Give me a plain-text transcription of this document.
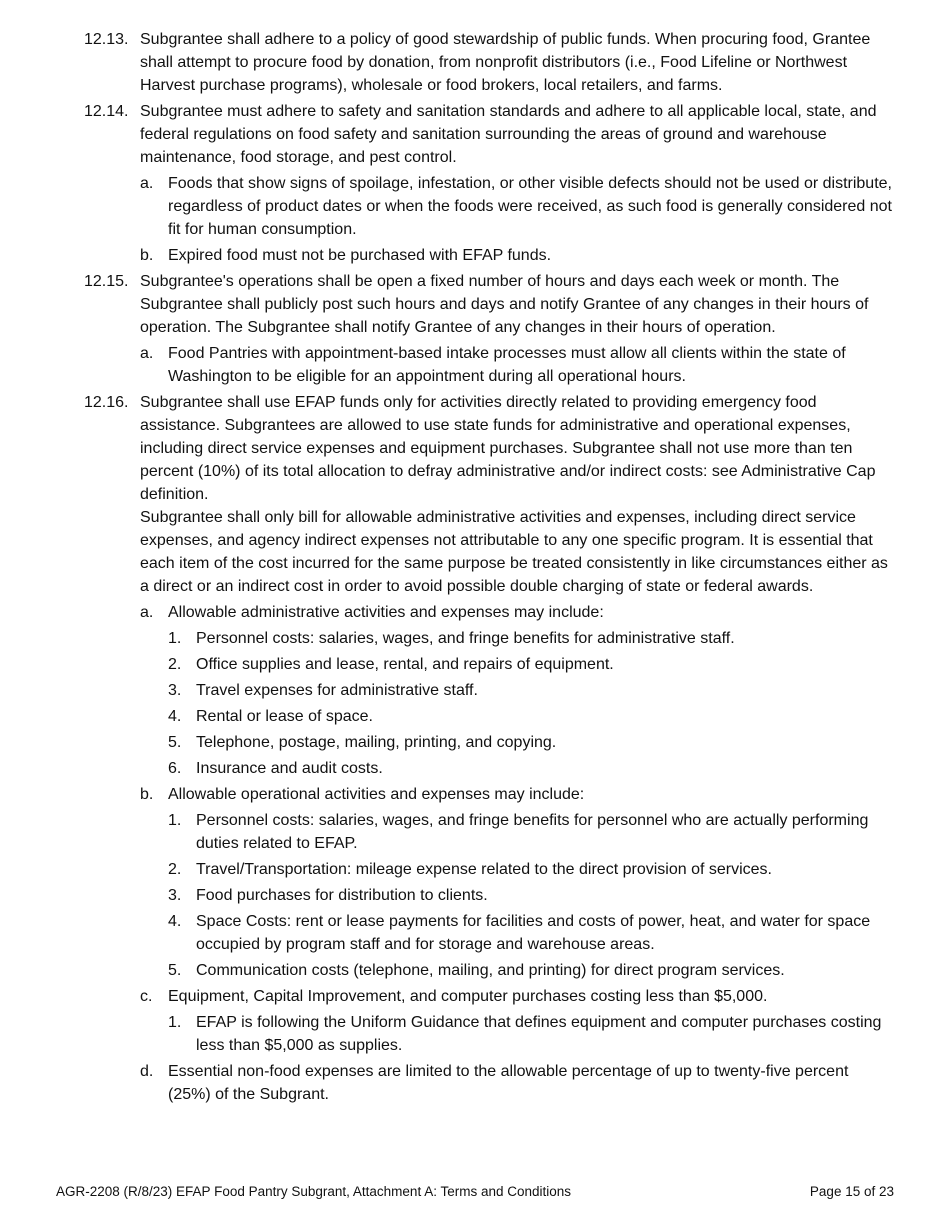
12.13. Subgrantee shall adhere to a policy of good stewardship of public funds. When procuring food, Grantee shall attempt to procure food by donation, from nonprofit distributors (i.e., Food Lifeline or Northwest Harvest purchase programs), wholesale or food brokers, local retailers, and farms.
12.14. Subgrantee must adhere to safety and sanitation standards and adhere to all applicable local, state, and federal regulations on food safety and sanitation surrounding the areas of ground and warehouse maintenance, food storage, and pest control.
a. Foods that show signs of spoilage, infestation, or other visible defects should not be used or distribute, regardless of product dates or when the foods were received, as such food is generally considered not fit for human consumption.
b. Expired food must not be purchased with EFAP funds.
12.15. Subgrantee's operations shall be open a fixed number of hours and days each week or month. The Subgrantee shall publicly post such hours and days and notify Grantee of any changes in their hours of operation. The Subgrantee shall notify Grantee of any changes in their hours of operation.
a. Food Pantries with appointment-based intake processes must allow all clients within the state of Washington to be eligible for an appointment during all operational hours.
12.16. Subgrantee shall use EFAP funds only for activities directly related to providing emergency food assistance. Subgrantees are allowed to use state funds for administrative and operational expenses, including direct service expenses and equipment purchases. Subgrantee shall not use more than ten percent (10%) of its total allocation to defray administrative and/or indirect costs: see Administrative Cap definition.
Subgrantee shall only bill for allowable administrative activities and expenses, including direct service expenses, and agency indirect expenses not attributable to any one specific program. It is essential that each item of the cost incurred for the same purpose be treated consistently in like circumstances either as a direct or an indirect cost in order to avoid possible double charging of state or federal awards.
a. Allowable administrative activities and expenses may include:
1. Personnel costs: salaries, wages, and fringe benefits for administrative staff.
2. Office supplies and lease, rental, and repairs of equipment.
3. Travel expenses for administrative staff.
4. Rental or lease of space.
5. Telephone, postage, mailing, printing, and copying.
6. Insurance and audit costs.
b. Allowable operational activities and expenses may include:
1. Personnel costs: salaries, wages, and fringe benefits for personnel who are actually performing duties related to EFAP.
2. Travel/Transportation: mileage expense related to the direct provision of services.
3. Food purchases for distribution to clients.
4. Space Costs: rent or lease payments for facilities and costs of power, heat, and water for space occupied by program staff and for storage and warehouse areas.
5. Communication costs (telephone, mailing, and printing) for direct program services.
c. Equipment, Capital Improvement, and computer purchases costing less than $5,000.
1. EFAP is following the Uniform Guidance that defines equipment and computer purchases costing less than $5,000 as supplies.
d. Essential non-food expenses are limited to the allowable percentage of up to twenty-five percent (25%) of the Subgrant.
AGR-2208 (R/8/23) EFAP Food Pantry Subgrant, Attachment A: Terms and Conditions	Page 15 of 23
